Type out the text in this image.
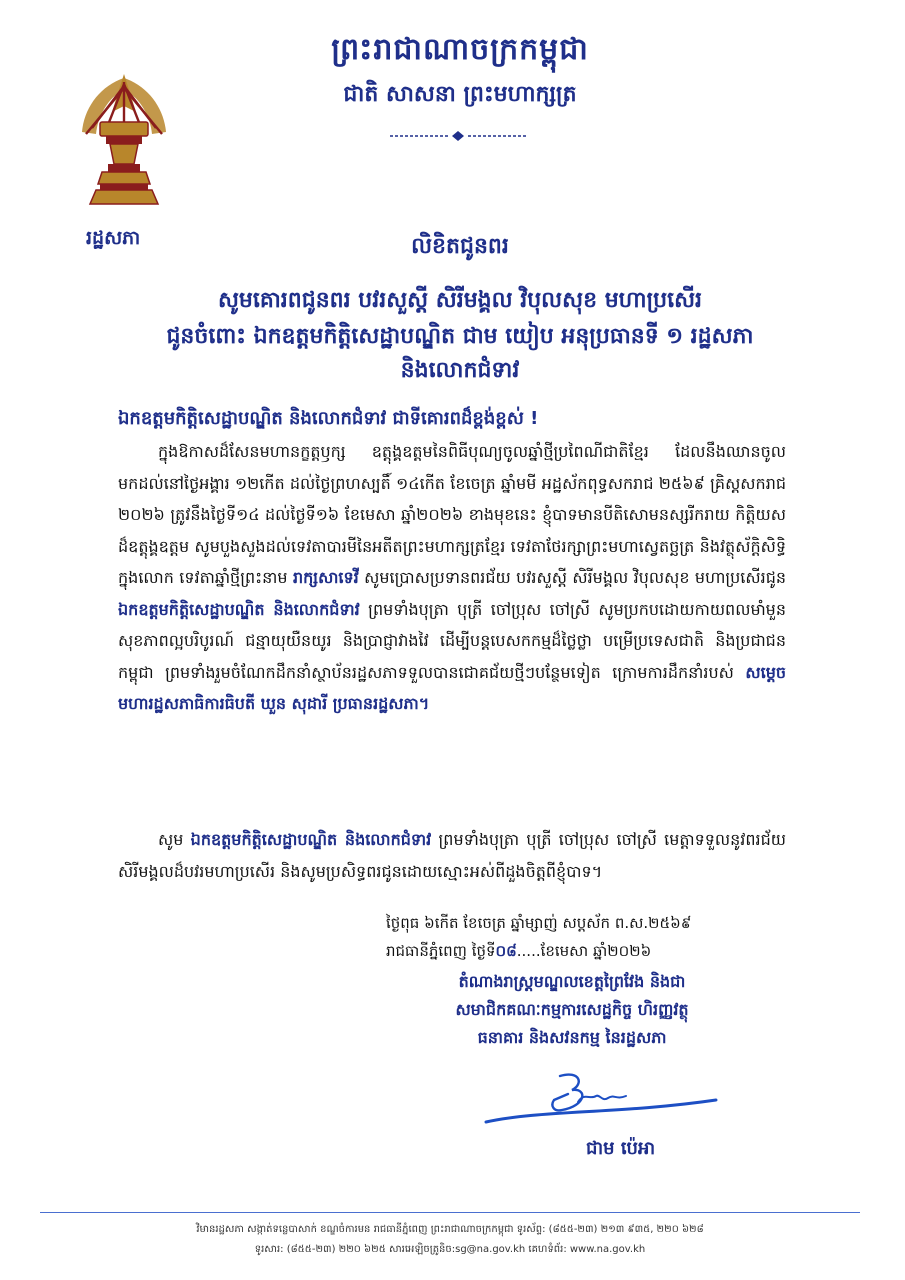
ព្រះរាជាណាចក្រកម្ពុជា
ជាតិ សាសនា ព្រះមហាក្សត្រ
រដ្ឋសភា	លិខិតជូនពរ
សូមគោរពជូនពរ បវរសួស្តី សិរីមង្គល វិបុលសុខ មហាប្រសើរ
ជូនចំពោះ ឯកឧត្តមកិត្តិសេដ្ឋាបណ្ឌិត ជាម យៀប អនុប្រធានទី ១ រដ្ឋសភា
និងលោកជំទាវ
ឯកឧត្តមកិត្តិសេដ្ឋាបណ្ឌិត និងលោកជំទាវ ជាទីគោរពដ៏ខ្ពង់ខ្ពស់ !

ក្នុងឱកាសដ៏សែនមហានក្ខត្តឫក្ស ឧត្តុង្គឧត្តមនៃពិធីបុណ្យចូលឆ្នាំថ្មីប្រពៃណីជាតិខ្មែរ ដែលនឹងឈានចូលមកដល់នៅថ្ងៃអង្គារ ១២កើត ដល់ថ្ងៃព្រហស្បតិ៍ ១៤កើត ខែចេត្រ ឆ្នាំមមី អដ្ឋស័កពុទ្ធសករាជ ២៥៦៩ គ្រិស្តសករាជ ២០២៦ ត្រូវនឹងថ្ងៃទី១៤ ដល់ថ្ងៃទី១៦ ខែមេសា ឆ្នាំ២០២៦ ខាងមុខនេះ ខ្ញុំបាទមានបីតិសោមនស្សរីករាយ កិត្តិយសដ៏ឧត្តុង្គឧត្តម សូមបួងសួងដល់ទេវតាបារមីនៃអតីតព្រះមហាក្សត្រខ្មែរ ទេវតាថែរក្សាព្រះមហាស្វេតច្ឆត្រ និងវត្ថុស័ក្តិសិទ្ធិក្នុងលោក ទេវតាឆ្នាំថ្មីព្រះនាម រាក្សសាទេវី សូមប្រោសប្រទានពរជ័យ បវរសួស្តី សិរីមង្គល វិបុលសុខ មហាប្រសើរជូន ឯកឧត្តមកិត្តិសេដ្ឋាបណ្ឌិត និងលោកជំទាវ ព្រមទាំងបុត្រា បុត្រី ចៅប្រុស ចៅស្រី សូមប្រកបដោយកាយពលមាំមួន សុខភាពល្អបរិបូរណ៍ ជន្មាយុយឺនយូរ និងប្រាជ្ញាវាងវៃ ដើម្បីបន្តបេសកកម្មដ៏ថ្លៃថ្លា បម្រើប្រទេសជាតិ និងប្រជាជនកម្ពុជា ព្រមទាំងរួមចំណែកដឹកនាំស្ថាប័នរដ្ឋសភាទទួលបានជោគជ័យថ្មីៗបន្ថែមទៀត ក្រោមការដឹកនាំរបស់ សម្តេចមហារដ្ឋសភាធិការធិបតី ឃួន សុដារី ប្រធានរដ្ឋសភា។

សូម ឯកឧត្តមកិត្តិសេដ្ឋាបណ្ឌិត និងលោកជំទាវ ព្រមទាំងបុត្រា បុត្រី ចៅប្រុស ចៅស្រី មេត្តាទទួលនូវពរជ័យ សិរីមង្គលដ៏បវរមហាប្រសើរ និងសូមប្រសិទ្ធពរជូនដោយស្មោះអស់ពីដួងចិត្តពីខ្ញុំបាទ។

ថ្ងៃពុធ ៦កើត ខែចេត្រ ឆ្នាំម្សាញ់ សប្តស័ក ព.ស.២៥៦៩
រាជធានីភ្នំពេញ ថ្ងៃទី០៨.....ខែមេសា ឆ្នាំ២០២៦
តំណាងរាស្ត្រមណ្ឌលខេត្តព្រៃវែង និងជា
សមាជិកគណៈកម្មការសេដ្ឋកិច្ច ហិរញ្ញវត្ថុ
ធនាគារ និងសវនកម្ម នៃរដ្ឋសភា
ជាម ប៉េអា
វិមានរដ្ឋសភា សង្កាត់ទន្លេបាសាក់ ខណ្ឌចំការមន រាជធានីភ្នំពេញ ព្រះរាជាណាចក្រកម្ពុជា ទូរស័ព្ទ: (៨៥៥-២៣) ២១៣ ៩៣៥, ២២០ ៦២៨
ទូរសារ: (៨៥៥-២៣) ២២០ ៦២៥ សារអេឡិចត្រូនិច:sg@na.gov.kh គេហទំព័រ: www.na.gov.kh
